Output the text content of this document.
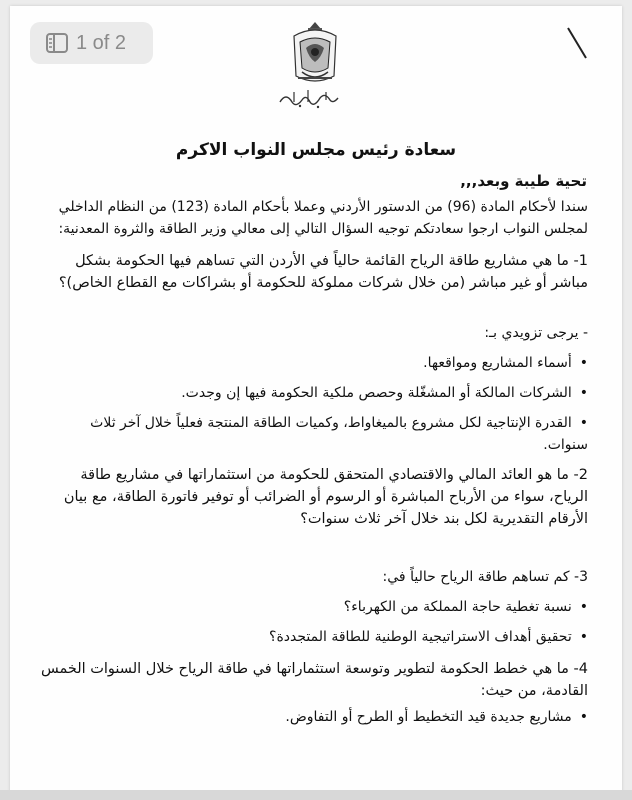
1 of 2
سعادة رئيس مجلس النواب الاكرم
تحية طيبة وبعد,,,
سندا لأحكام المادة (96) من الدستور الأردني وعملا بأحكام المادة (123) من النظام الداخلي لمجلس النواب ارجوا سعادتكم توجيه السؤال التالي إلى معالي وزير الطاقة والثروة المعدنية:
1- ما هي مشاريع طاقة الرياح القائمة حالياً في الأردن التي تساهم فيها الحكومة بشكل مباشر أو غير مباشر (من خلال شركات مملوكة للحكومة أو بشراكات مع القطاع الخاص)؟
- يرجى تزويدي بـ:
•أسماء المشاريع ومواقعها.
•الشركات المالكة أو المشغّلة وحصص ملكية الحكومة فيها إن وجدت.
•القدرة الإنتاجية لكل مشروع بالميغاواط، وكميات الطاقة المنتجة فعلياً خلال آخر ثلاث سنوات.
2- ما هو العائد المالي والاقتصادي المتحقق للحكومة من استثماراتها في مشاريع طاقة الرياح، سواء من الأرباح المباشرة أو الرسوم أو الضرائب أو توفير فاتورة الطاقة، مع بيان الأرقام التقديرية لكل بند خلال آخر ثلاث سنوات؟
3- كم تساهم طاقة الرياح حالياً في:
•نسبة تغطية حاجة المملكة من الكهرباء؟
•تحقيق أهداف الاستراتيجية الوطنية للطاقة المتجددة؟
4- ما هي خطط الحكومة لتطوير وتوسعة استثماراتها في طاقة الرياح خلال السنوات الخمس القادمة، من حيث:
•مشاريع جديدة قيد التخطيط أو الطرح أو التفاوض.
